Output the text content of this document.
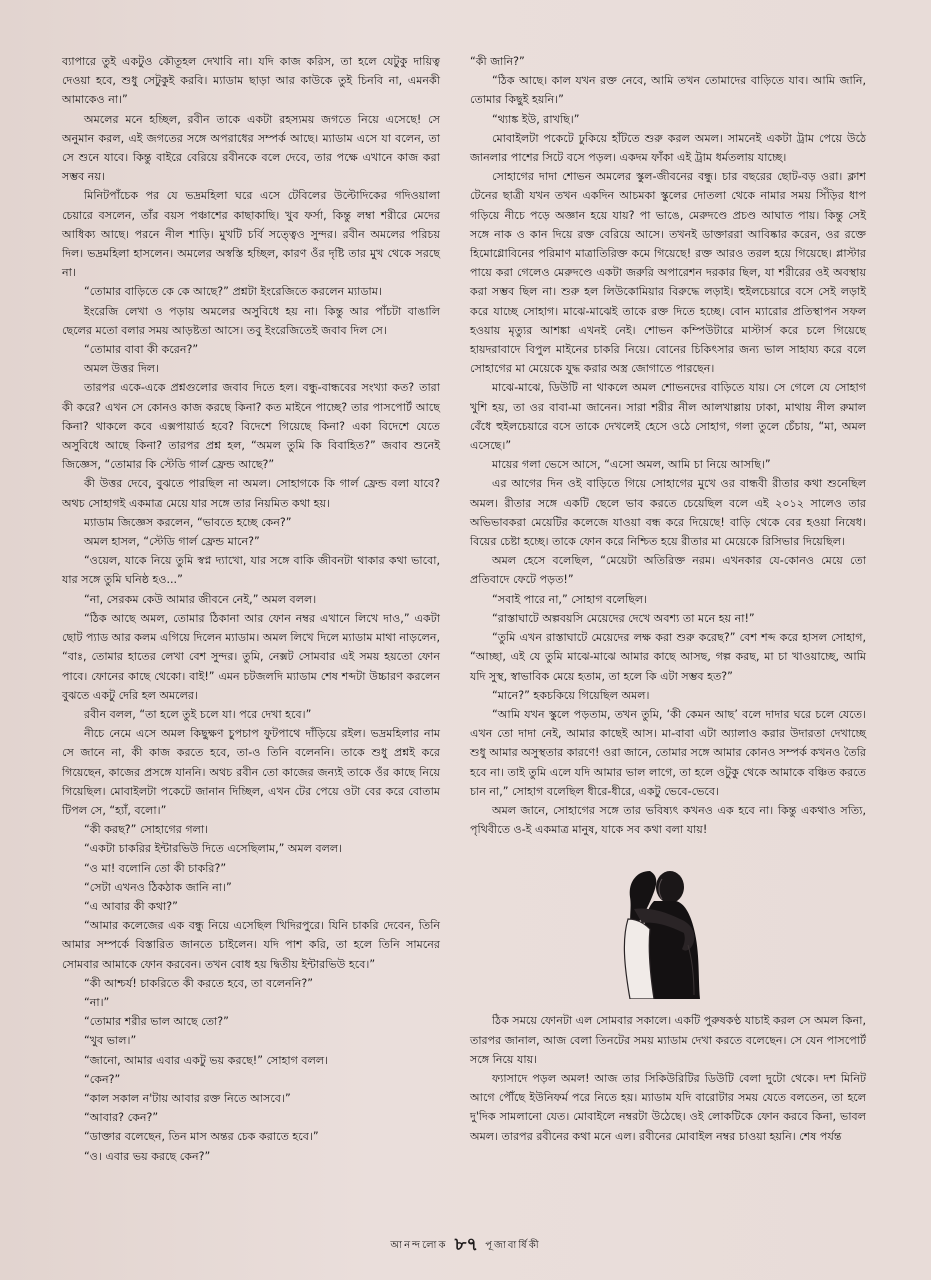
ব্যাপারে তুই একটুও কৌতূহল দেখাবি না। যদি কাজ করিস, তা হলে যেটুকু দায়িত্ব দেওয়া হবে, শুধু সেটুকুই করবি। ম্যাডাম ছাড়া আর কাউকে তুই চিনবি না, এমনকী আমাকেও না।”

অমলের মনে হচ্ছিল, রবীন তাকে একটা রহস্যময় জগতে নিয়ে এসেছে! সে অনুমান করল, এই জগতের সঙ্গে অপরাধের সম্পর্ক আছে। ম্যাডাম এসে যা বলেন, তা সে শুনে যাবে। কিন্তু বাইরে বেরিয়ে রবীনকে বলে দেবে, তার পক্ষে এখানে কাজ করা সম্ভব নয়।

মিনিটপাঁচেক পর যে ভদ্রমহিলা ঘরে এসে টেবিলের উল্টোদিকের গদিওয়ালা চেয়ারে বসলেন, তাঁর বয়স পঞ্চাশের কাছাকাছি। খুব ফর্সা, কিন্তু লম্বা শরীরে মেদের আধিক্য আছে। পরনে নীল শাড়ি। মুখটি চর্বি সত্ত্বেও সুন্দর। রবীন অমলের পরিচয় দিল। ভদ্রমহিলা হাসলেন। অমলের অস্বস্তি হচ্ছিল, কারণ ওঁর দৃষ্টি তার মুখ থেকে সরছে না।

“তোমার বাড়িতে কে কে আছে?” প্রশ্নটা ইংরেজিতে করলেন ম্যাডাম।

ইংরেজি লেখা ও পড়ায় অমলের অসুবিধে হয় না। কিন্তু আর পাঁচটা বাঙালি ছেলের মতো বলার সময় আড়ষ্টতা আসে। তবু ইংরেজিতেই জবাব দিল সে।

“তোমার বাবা কী করেন?”

অমল উত্তর দিল।

তারপর একে-একে প্রশ্নগুলোর জবাব দিতে হল। বন্ধু-বান্ধবের সংখ্যা কত? তারা কী করে? এখন সে কোনও কাজ করছে কিনা? কত মাইনে পাচ্ছে? তার পাসপোর্ট আছে কিনা? থাকলে কবে এক্সপায়ার্ড হবে? বিদেশে গিয়েছে কিনা? একা বিদেশে যেতে অসুবিধে আছে কিনা? তারপর প্রশ্ন হল, “অমল তুমি কি বিবাহিত?” জবাব শুনেই জিজ্ঞেস, “তোমার কি স্টেডি গার্ল ফ্রেন্ড আছে?”

কী উত্তর দেবে, বুঝতে পারছিল না অমল। সোহাগকে কি গার্ল ফ্রেন্ড বলা যাবে? অথচ সোহাগই একমাত্র মেয়ে যার সঙ্গে তার নিয়মিত কথা হয়।

ম্যাডাম জিজ্ঞেস করলেন, “ভাবতে হচ্ছে কেন?”

অমল হাসল, “স্টেডি গার্ল ফ্রেন্ড মানে?”

“ওয়েল, যাকে নিয়ে তুমি স্বপ্ন দ্যাখো, যার সঙ্গে বাকি জীবনটা থাকার কথা ভাবো, যার সঙ্গে তুমি ঘনিষ্ঠ হও...”

“না, সেরকম কেউ আমার জীবনে নেই,” অমল বলল।

“ঠিক আছে অমল, তোমার ঠিকানা আর ফোন নম্বর এখানে লিখে দাও,” একটা ছোট প্যাড আর কলম এগিয়ে দিলেন ম্যাডাম। অমল লিখে দিলে ম্যাডাম মাথা নাড়লেন, “বাঃ, তোমার হাতের লেখা বেশ সুন্দর। তুমি, নেক্সট সোমবার এই সময় হয়তো ফোন পাবে। ফোনের কাছে থেকো। বাই!” এমন চটজলদি ম্যাডাম শেষ শব্দটা উচ্চারণ করলেন বুঝতে একটু দেরি হল অমলের।

রবীন বলল, “তা হলে তুই চলে যা। পরে দেখা হবে।”

নীচে নেমে এসে অমল কিছুক্ষণ চুপচাপ ফুটপাথে দাঁড়িয়ে রইল। ভদ্রমহিলার নাম সে জানে না, কী কাজ করতে হবে, তা-ও তিনি বলেননি। তাকে শুধু প্রশ্নই করে গিয়েছেন, কাজের প্রসঙ্গে যাননি। অথচ রবীন তো কাজের জন্যই তাকে ওঁর কাছে নিয়ে গিয়েছিল। মোবাইলটা পকেটে জানান দিচ্ছিল, এখন টের পেয়ে ওটা বের করে বোতাম টিপল সে, “হ্যাঁ, বলো।”

“কী করছ?” সোহাগের গলা।

“একটা চাকরির ইন্টারভিউ দিতে এসেছিলাম,” অমল বলল।

“ও মা! বলোনি তো কী চাকরি?”

“সেটা এখনও ঠিকঠাক জানি না।”

“এ আবার কী কথা?”

“আমার কলেজের এক বন্ধু নিয়ে এসেছিল খিদিরপুরে। যিনি চাকরি দেবেন, তিনি আমার সম্পর্কে বিস্তারিত জানতে চাইলেন। যদি পাশ করি, তা হলে তিনি সামনের সোমবার আমাকে ফোন করবেন। তখন বোধ হয় দ্বিতীয় ইন্টারভিউ হবে।”

“কী আশ্চর্য! চাকরিতে কী করতে হবে, তা বলেননি?”

“না।”

“তোমার শরীর ভাল আছে তো?”

“খুব ভাল।”

“জানো, আমার এবার একটু ভয় করছে!” সোহাগ বলল।

“কেন?”

“কাল সকাল ন'টায় আবার রক্ত নিতে আসবে।”

“আবার? কেন?”

“ডাক্তার বলেছেন, তিন মাস অন্তর চেক করাতে হবে।”

“ও। এবার ভয় করছে কেন?”

“কী জানি?”

“ঠিক আছে। কাল যখন রক্ত নেবে, আমি তখন তোমাদের বাড়িতে যাব। আমি জানি, তোমার কিছুই হয়নি।”

“থ্যাঙ্ক ইউ, রাখছি।”

মোবাইলটা পকেটে ঢুকিয়ে হাঁটতে শুরু করল অমল। সামনেই একটা ট্রাম পেয়ে উঠে জানলার পাশের সিটে বসে পড়ল। একদম ফাঁকা এই ট্রাম ধর্মতলায় যাচ্ছে।

সোহাগের দাদা শোভন অমলের স্কুল-জীবনের বন্ধু। চার বছরের ছোট-বড় ওরা। ক্লাশ টেনের ছাত্রী যখন তখন একদিন আচমকা স্কুলের দোতলা থেকে নামার সময় সিঁড়ির ধাপ গড়িয়ে নীচে পড়ে অজ্ঞান হয়ে যায়? পা ভাঙে, মেরুদণ্ডে প্রচণ্ড আঘাত পায়। কিন্তু সেই সঙ্গে নাক ও কান দিয়ে রক্ত বেরিয়ে আসে। তখনই ডাক্তাররা আবিষ্কার করেন, ওর রক্তে হিমোগ্লোবিনের পরিমাণ মাত্রাতিরিক্ত কমে গিয়েছে! রক্ত আরও তরল হয়ে গিয়েছে। প্লাস্টার পায়ে করা গেলেও মেরুদণ্ডে একটা জরুরি অপারেশন দরকার ছিল, যা শরীরের ওই অবস্থায় করা সম্ভব ছিল না। শুরু হল লিউকোমিয়ার বিরুদ্ধে লড়াই। হুইলচেয়ারে বসে সেই লড়াই করে যাচ্ছে সোহাগ। মাঝে-মাঝেই তাকে রক্ত দিতে হচ্ছে। বোন ম্যারোর প্রতিস্থাপন সফল হওয়ায় মৃত্যুর আশঙ্কা এখনই নেই। শোভন কম্পিউটারে মাস্টার্স করে চলে গিয়েছে হায়দরাবাদে বিপুল মাইনের চাকরি নিয়ে। বোনের চিকিৎসার জন্য ভাল সাহায্য করে বলে সোহাগের মা মেয়েকে যুদ্ধ করার অস্ত্র জোগাতে পারছেন।

মাঝে-মাঝে, ডিউটি না থাকলে অমল শোভনদের বাড়িতে যায়। সে গেলে যে সোহাগ খুশি হয়, তা ওর বাবা-মা জানেন। সারা শরীর নীল আলখাল্লায় ঢাকা, মাথায় নীল রুমাল বেঁধে হুইলচেয়ারে বসে তাকে দেখলেই হেসে ওঠে সোহাগ, গলা তুলে চেঁচায়, “মা, অমল এসেছে।”

মায়ের গলা ভেসে আসে, “এসো অমল, আমি চা নিয়ে আসছি।”

এর আগের দিন ওই বাড়িতে গিয়ে সোহাগের মুখে ওর বান্ধবী রীতার কথা শুনেছিল অমল। রীতার সঙ্গে একটি ছেলে ভাব করতে চেয়েছিল বলে এই ২০১২ সালেও তার অভিভাবকরা মেয়েটির কলেজে যাওয়া বন্ধ করে দিয়েছে! বাড়ি থেকে বের হওয়া নিষেধ। বিয়ের চেষ্টা হচ্ছে। তাকে ফোন করে নিশ্চিত হয়ে রীতার মা মেয়েকে রিসিভার দিয়েছিল।

অমল হেসে বলেছিল, “মেয়েটা অতিরিক্ত নরম। এখনকার যে-কোনও মেয়ে তো প্রতিবাদে ফেটে পড়ত!”

“সবাই পারে না,” সোহাগ বলেছিল।

“রাস্তাঘাটে অল্পবয়সি মেয়েদের দেখে অবশ্য তা মনে হয় না!”

“তুমি এখন রাস্তাঘাটে মেয়েদের লক্ষ করা শুরু করেছ?” বেশ শব্দ করে হাসল সোহাগ, “আচ্ছা, এই যে তুমি মাঝে-মাঝে আমার কাছে আসছ, গল্প করছ, মা চা খাওয়াচ্ছে, আমি যদি সুস্থ, স্বাভাবিক মেয়ে হতাম, তা হলে কি এটা সম্ভব হত?”

“মানে?” হকচকিয়ে গিয়েছিল অমল।

“আমি যখন স্কুলে পড়তাম, তখন তুমি, ‘কী কেমন আছ’ বলে দাদার ঘরে চলে যেতে। এখন তো দাদা নেই, আমার কাছেই আস। মা-বাবা এটা অ্যালাও করার উদারতা দেখাচ্ছে শুধু আমার অসুস্থতার কারণে! ওরা জানে, তোমার সঙ্গে আমার কোনও সম্পর্ক কখনও তৈরি হবে না। তাই তুমি এলে যদি আমার ভাল লাগে, তা হলে ওটুকু থেকে আমাকে বঞ্চিত করতে চান না,” সোহাগ বলেছিল ধীরে-ধীরে, একটু ভেবে-ভেবে।

অমল জানে, সোহাগের সঙ্গে তার ভবিষ্যৎ কখনও এক হবে না। কিন্তু একথাও সত্যি, পৃথিবীতে ও-ই একমাত্র মানুষ, যাকে সব কথা বলা যায়!

ঠিক সময়ে ফোনটা এল সোমবার সকালে। একটি পুরুষকণ্ঠ যাচাই করল সে অমল কিনা, তারপর জানাল, আজ বেলা তিনটের সময় ম্যাডাম দেখা করতে বলেছেন। সে যেন পাসপোর্ট সঙ্গে নিয়ে যায়।

ফ্যাসাদে পড়ল অমল! আজ তার সিকিউরিটির ডিউটি বেলা দুটো থেকে। দশ মিনিট আগে পৌঁছে ইউনিফর্ম পরে নিতে হয়। ম্যাডাম যদি বারোটার সময় যেতে বলতেন, তা হলে দু'দিক সামলানো যেত। মোবাইলে নম্বরটা উঠেছে। ওই লোকটিকে ফোন করবে কিনা, ভাবল অমল। তারপর রবীনের কথা মনে এল। রবীনের মোবাইল নম্বর চাওয়া হয়নি। শেষ পর্যন্ত

আনন্দলোক ৮৭ পূজাবার্ষিকী
